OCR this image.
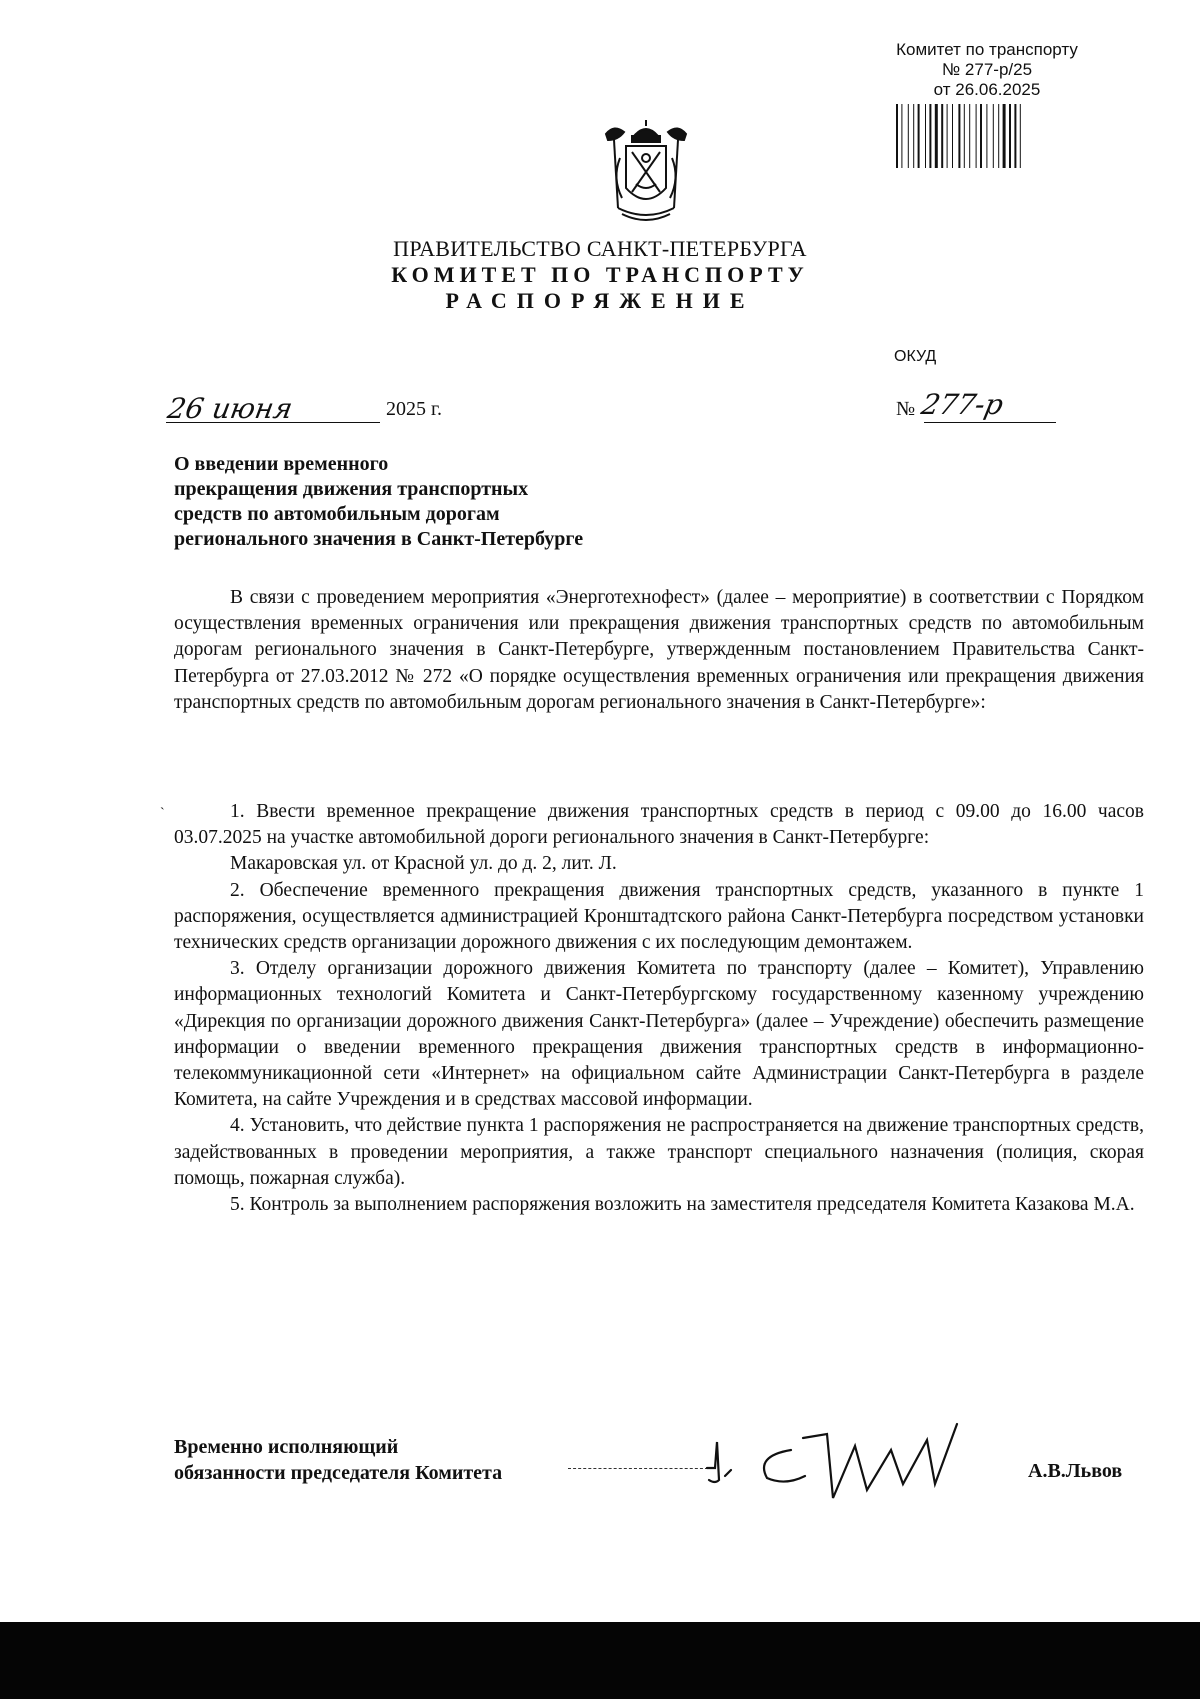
Комитет по транспорту
№ 277-р/25
от 26.06.2025
ПРАВИТЕЛЬСТВО САНКТ-ПЕТЕРБУРГА
КОМИТЕТ ПО ТРАНСПОРТУ
РАСПОРЯЖЕНИЕ
ОКУД
26 июня	2025 г.	№ 277-р
О введении временного
прекращения движения транспортных
средств по автомобильным дорогам
регионального значения в Санкт-Петербурге

В связи с проведением мероприятия «Энерготехнофест» (далее – мероприятие) в соответствии с Порядком осуществления временных ограничения или прекращения движения транспортных средств по автомобильным дорогам регионального значения в Санкт-Петербурге, утвержденным постановлением Правительства Санкт-Петербурга от 27.03.2012 № 272 «О порядке осуществления временных ограничения или прекращения движения транспортных средств по автомобильным дорогам регионального значения в Санкт-Петербурге»:

`	1. Ввести временное прекращение движения транспортных средств в период с 09.00 до 16.00 часов 03.07.2025 на участке автомобильной дороги регионального значения в Санкт-Петербурге:

Макаровская ул. от Красной ул. до д. 2, лит. Л.

2. Обеспечение временного прекращения движения транспортных средств, указанного в пункте 1 распоряжения, осуществляется администрацией Кронштадтского района Санкт-Петербурга посредством установки технических средств организации дорожного движения с их последующим демонтажем.

3. Отделу организации дорожного движения Комитета по транспорту (далее – Комитет), Управлению информационных технологий Комитета и Санкт-Петербургскому государственному казенному учреждению «Дирекция по организации дорожного движения Санкт-Петербурга» (далее – Учреждение) обеспечить размещение информации о введении временного прекращения движения транспортных средств в информационно-телекоммуникационной сети «Интернет» на официальном сайте Администрации Санкт-Петербурга в разделе Комитета, на сайте Учреждения и в средствах массовой информации.

4. Установить, что действие пункта 1 распоряжения не распространяется на движение транспортных средств, задействованных в проведении мероприятия, а также транспорт специального назначения (полиция, скорая помощь, пожарная служба).

5. Контроль за выполнением распоряжения возложить на заместителя председателя Комитета Казакова М.А.

Временно исполняющий
обязанности председателя Комитета	А.В.Львов
